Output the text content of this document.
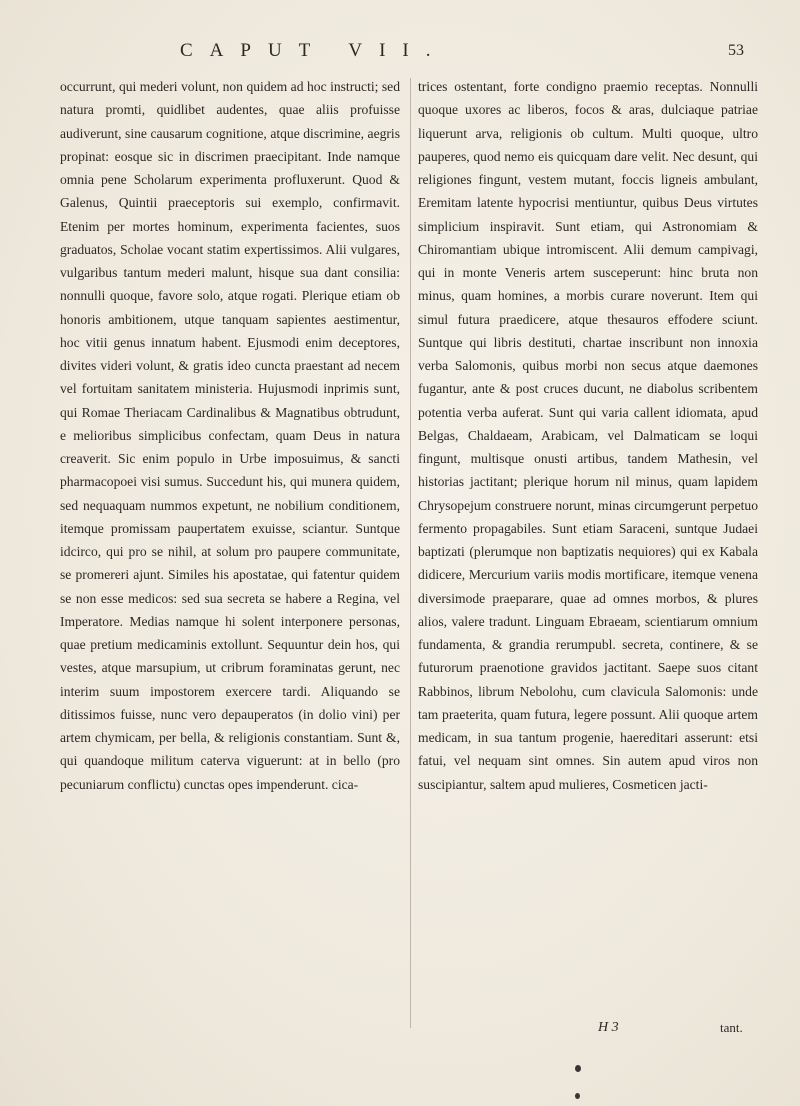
CAPUT VII.	53

occurrunt, qui mederi volunt, non quidem ad hoc instructi; sed natura promti, quidlibet audentes, quae aliis profuisse audiverunt, sine causarum cognitione, atque discrimine, aegris propinat: eosque sic in discrimen praecipitant. Inde namque omnia pene Scholarum experimenta profluxerunt. Quod & Galenus, Quintii praeceptoris sui exemplo, confirmavit. Etenim per mortes hominum, experimenta facientes, suos graduatos, Scholae vocant statim expertissimos. Alii vulgares, vulgaribus tantum mederi malunt, hisque sua dant consilia: nonnulli quoque, favore solo, atque rogati. Plerique etiam ob honoris ambitionem, utque tanquam sapientes aestimentur, hoc vitii genus innatum habent. Ejusmodi enim deceptores, divites videri volunt, & gratis ideo cuncta praestant ad necem vel fortuitam sanitatem ministeria. Hujusmodi inprimis sunt, qui Romae Theriacam Cardinalibus & Magnatibus obtrudunt, e melioribus simplicibus confectam, quam Deus in natura creaverit. Sic enim populo in Urbe imposuimus, & sancti pharmacopoei visi sumus. Succedunt his, qui munera quidem, sed nequaquam nummos expetunt, ne nobilium conditionem, itemque promissam paupertatem exuisse, sciantur. Suntque idcirco, qui pro se nihil, at solum pro paupere communitate, se promereri ajunt. Similes his apostatae, qui fatentur quidem se non esse medicos: sed sua secreta se habere a Regina, vel Imperatore. Medias namque hi solent interponere personas, quae pretium medicaminis extollunt. Sequuntur dein hos, qui vestes, atque marsupium, ut cribrum foraminatas gerunt, nec interim suum impostorem exercere tardi. Aliquando se ditissimos fuisse, nunc vero depauperatos (in dolio vini) per artem chymicam, per bella, & religionis constantiam. Sunt &, qui quandoque militum caterva viguerunt: at in bello (pro pecuniarum conflictu) cunctas opes impenderunt. cica-

trices ostentant, forte condigno praemio receptas. Nonnulli quoque uxores ac liberos, focos & aras, dulciaque patriae liquerunt arva, religionis ob cultum. Multi quoque, ultro pauperes, quod nemo eis quicquam dare velit. Nec desunt, qui religiones fingunt, vestem mutant, foccis ligneis ambulant, Eremitam latente hypocrisi mentiuntur, quibus Deus virtutes simplicium inspiravit. Sunt etiam, qui Astronomiam & Chiromantiam ubique intromiscent. Alii demum campivagi, qui in monte Veneris artem susceperunt: hinc bruta non minus, quam homines, a morbis curare noverunt. Item qui simul futura praedicere, atque thesauros effodere sciunt. Suntque qui libris destituti, chartae inscribunt non innoxia verba Salomonis, quibus morbi non secus atque daemones fugantur, ante & post cruces ducunt, ne diabolus scribentem potentia verba auferat. Sunt qui varia callent idiomata, apud Belgas, Chaldaeam, Arabicam, vel Dalmaticam se loqui fingunt, multisque onusti artibus, tandem Mathesin, vel historias jactitant; plerique horum nil minus, quam lapidem Chrysopejum construere norunt, minas circumgerunt perpetuo fermento propagabiles. Sunt etiam Saraceni, suntque Judaei baptizati (plerumque non baptizatis nequiores) qui ex Kabala didicere, Mercurium variis modis mortificare, itemque venena diversimode praeparare, quae ad omnes morbos, & plures alios, valere tradunt. Linguam Ebraeam, scientiarum omnium fundamenta, & grandia rerumpubl. secreta, continere, & se futurorum praenotione gravidos jactitant. Saepe suos citant Rabbinos, librum Nebolohu, cum clavicula Salomonis: unde tam praeterita, quam futura, legere possunt. Alii quoque artem medicam, in sua tantum progenie, haereditari asserunt: etsi fatui, vel nequam sint omnes. Sin autem apud viros non suscipiantur, saltem apud mulieres, Cosmeticen jacti-

H 3	tant.
